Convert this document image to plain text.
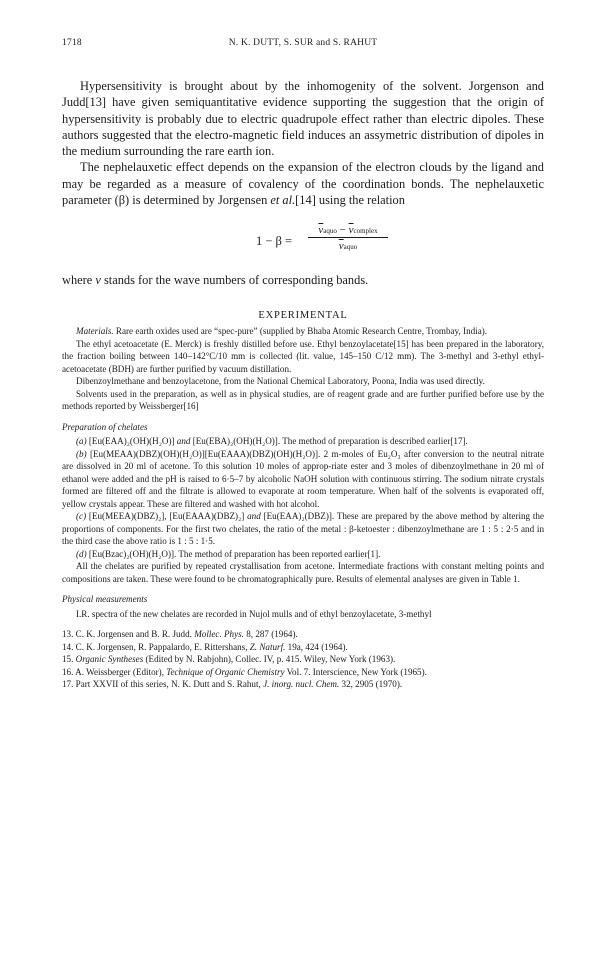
1718	N. K. DUTT, S. SUR and S. RAHUT

Hypersensitivity is brought about by the inhomogenity of the solvent. Jorgenson and Judd[13] have given semiquantitative evidence supporting the suggestion that the origin of hypersensitivity is probably due to electric quadrupole effect rather than electric dipoles. These authors suggested that the electro-magnetic field induces an assymetric distribution of dipoles in the medium surrounding the rare earth ion.

The nephelauxetic effect depends on the expansion of the electron clouds by the ligand and may be regarded as a measure of covalency of the coordination bonds. The nephelauxetic parameter (β) is determined by Jorgensen et al.[14] using the relation

1 − β =
$\overline{\nu}aquo$ − $\overline{\nu}complex$
$\overline{\nu}aquo$

where ν stands for the wave numbers of corresponding bands.

EXPERIMENTAL

Materials. Rare earth oxides used are “spec-pure” (supplied by Bhaba Atomic Research Centre, Trombay, India).

The ethyl acetoacetate (E. Merck) is freshly distilled before use. Ethyl benzoylacetate[15] has been prepared in the laboratory, the fraction boiling between 140–142°C/10 mm is collected (lit. value, 145–150 C/12 mm). The 3-methyl and 3-ethyl ethyl-acetoacetate (BDH) are further purified by vacuum distillation.

Dibenzoylmethane and benzoylacetone, from the National Chemical Laboratory, Poona, India was used directly.

Solvents used in the preparation, as well as in physical studies, are of reagent grade and are further purified before use by the methods reported by Weissberger[16]

Preparation of chelates

(a) [Eu(EAA)₂(OH)(H₂O)] and [Eu(EBA)₂(OH)(H₂O)]. The method of preparation is described earlier[17].

(b) [Eu(MEAA)(DBZ)(OH)(H₂O)][Eu(EAAA)(DBZ)(OH)(H₂O)]. 2 m-moles of Eu₂O₃ after conversion to the neutral nitrate are dissolved in 20 ml of acetone. To this solution 10 moles of approp-riate ester and 3 moles of dibenzoylmethane in 20 ml of ethanol were added and the pH is raised to 6·5–7 by alcoholic NaOH solution with continuous stirring. The sodium nitrate crystals formed are filtered off and the filtrate is allowed to evaporate at room temperature. When half of the solvents is evaporated off, yellow crystals appear. These are filtered and washed with hot alcohol.

(c) [Eu(MEEA)(DBZ)₂], [Eu(EAAA)(DBZ)₂] and [Eu(EAA)₂(DBZ)]. These are prepared by the above method by altering the proportions of components. For the first two chelates, the ratio of the metal : β-ketoester : dibenzoylmethane are 1 : 5 : 2·5 and in the third case the above ratio is 1 : 5 : 1·5.

(d) [Eu(Bzac)₂(OH)(H₂O)]. The method of preparation has been reported earlier[1].

All the chelates are purified by repeated crystallisation from acetone. Intermediate fractions with constant melting points and compositions are taken. These were found to be chromatographically pure. Results of elemental analyses are given in Table 1.

Physical measurements

I.R. spectra of the new chelates are recorded in Nujol mulls and of ethyl benzoylacetate, 3-methyl

13. C. K. Jorgensen and B. R. Judd. Mollec. Phys. 8, 287 (1964).
14. C. K. Jorgensen, R. Pappalardo, E. Rittershans, Z. Naturf. 19a, 424 (1964).
15. Organic Syntheses (Edited by N. Rabjohn), Collec. IV, p. 415. Wiley, New York (1963).
16. A. Weissberger (Editor), Technique of Organic Chemistry Vol. 7. Interscience, New York (1965).
17. Part XXVII of this series, N. K. Dutt and S. Rahut, J. inorg. nucl. Chem. 32, 2905 (1970).
